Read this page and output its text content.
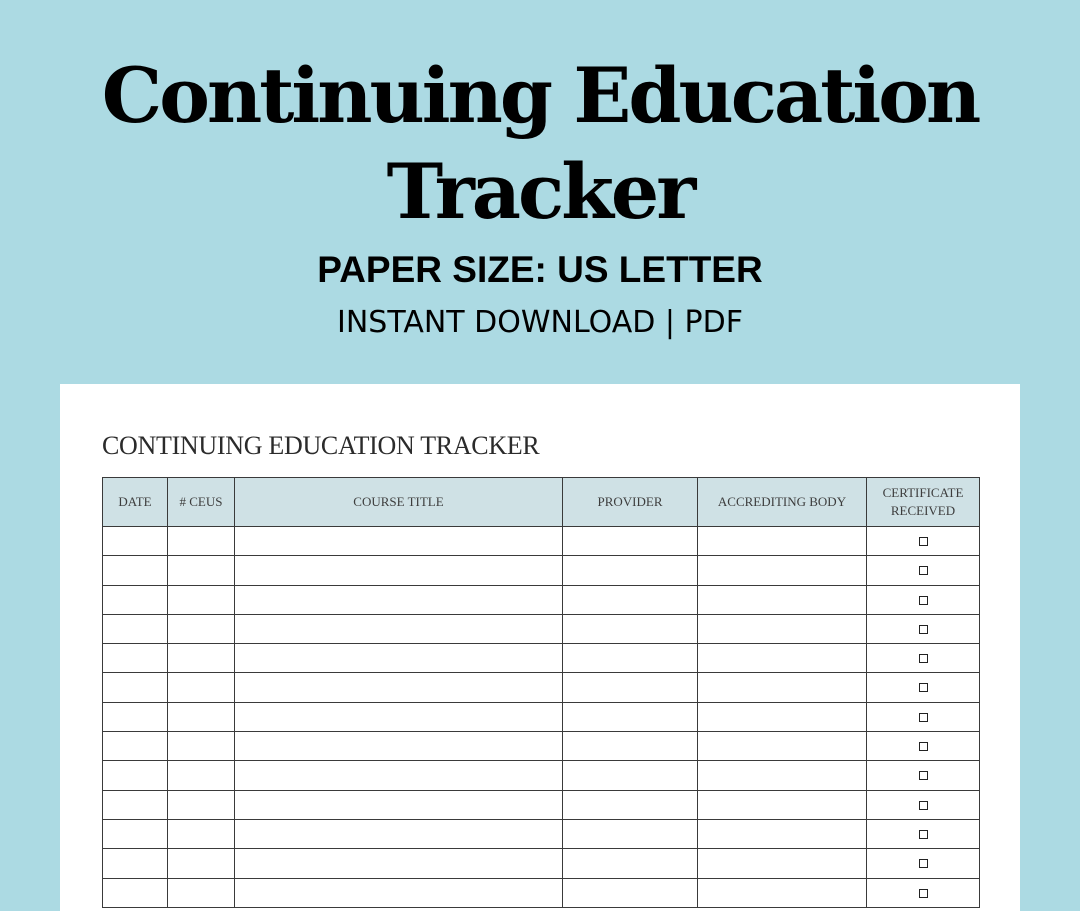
Continuing Education
Tracker
PAPER SIZE: US LETTER
INSTANT DOWNLOAD | PDF
CONTINUING EDUCATION TRACKER
DATE	# CEUS	COURSE TITLE	PROVIDER	ACCREDITING BODY	CERTIFICATE RECEIVED
